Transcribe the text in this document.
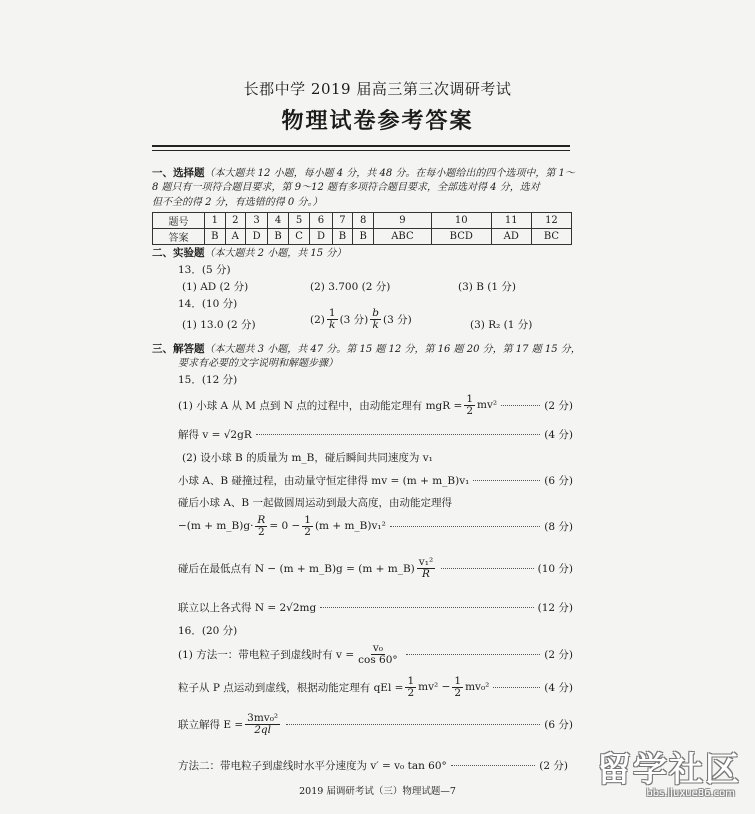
长郡中学 2019 届高三第三次调研考试
物理试卷参考答案
一、选择题（本大题共 12 小题，每小题 4 分，共 48 分。在每小题给出的四个选项中，第 1～
8 题只有一项符合题目要求，第 9～12 题有多项符合题目要求，全部选对得 4 分，选对
但不全的得 2 分，有选错的得 0 分。）
题号	1	2	3	4	5	6	7	8	9	10	11	12
答案	B	A	D	B	C	D	B	B	ABC	BCD	AD	BC
二、实验题（本大题共 2 小题，共 15 分）
13．(5 分)
(1) AD (2 分)	(2) 3.700 (2 分)	(3) B (1 分)
14．(10 分)
(1) 13.0 (2 分)	$(2) \frac{1}{k} (3$ 分) $\frac{b}{k} (3$ 分)	(3) R₂ (1 分)
三、解答题（本大题共 3 小题，共 47 分。第 15 题 12 分，第 16 题 20 分，第 17 题 15 分，
要求有必要的文字说明和解题步骤）
15．(12 分)
(1) 小球 A 从 M 点到 N 点的过程中，由动能定理有 mgR = $\frac{1}{2} mv^2$	(2 分)
解得 v = √2gR	(4 分)
(2) 设小球 B 的质量为 m_B，碰后瞬间共同速度为 v₁
小球 A、B 碰撞过程，由动量守恒定律得 mv = (m + m_B)v₁	(6 分)
碰后小球 A、B 一起做圆周运动到最大高度，由动能定理得
−(m + m_B)g· $\frac{R}{2} = 0 - \frac{1}{2} (m$ + m_B)v₁²	(8 分)
碰后在最低点有 N − (m + m_B)g = (m + m_B) $\frac{\text{v₁²}}{R}$	(10 分)
联立以上各式得 N = 2√2mg	(12 分)
16．(20 分)
(1) 方法一：带电粒子到虚线时有 $v = \frac{\text{v₀}}{\cos 60^\circ}$	(2 分)
粒子从 P 点运动到虚线，根据动能定理有 qEl = $\frac{1}{2} mv^2 - \frac{1}{2} mv_0^2$	(4 分)
联立解得 $E = \frac{\text{3mv₀²}}{2ql}$	(6 分)
方法二：带电粒子到虚线时水平分速度为 v′ = v₀ tan 60°	(2 分)
2019 届调研考试（三）物理试题—7
留学社区
bbs.liuxue86.com
